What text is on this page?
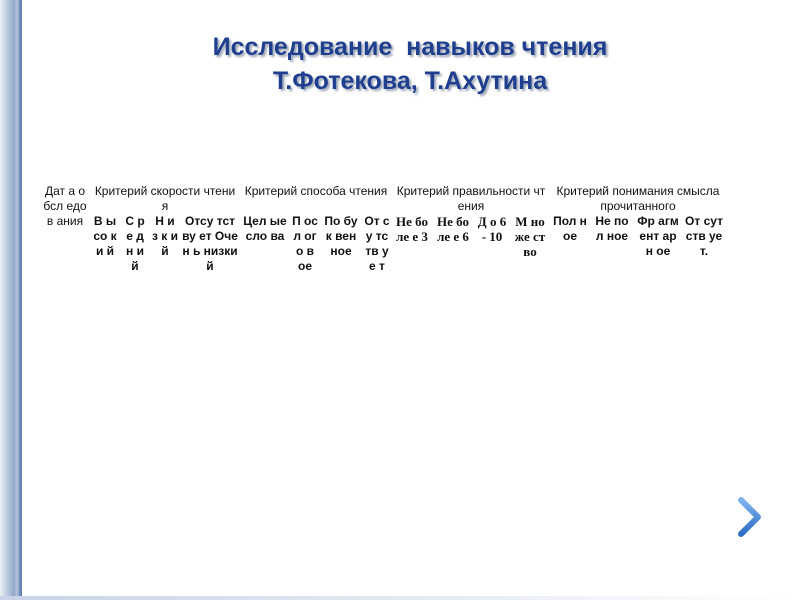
Исследование  навыков чтения
Т.Фотекова, Т.Ахутина
Дат а обсл едов ания	Критерий скорости чтения				Критерий способа чтения				Критерий правильности чтения				Критерий понимания смысла прочитанного			
	В ы со к и й	С р е д н и й	Н и з к и й	Отсу тству ет Очен ь низки й	Цел ые сло ва	П ос л ог о в ое	По бук вен ное	От су тс тв уе т	Не бо ле е 3	Не бо ле е 6	Д о 6 - 10	М но же ст во	Пол ное	Не пол ное	Фр агм ент арн ое	От сут ств ует.
